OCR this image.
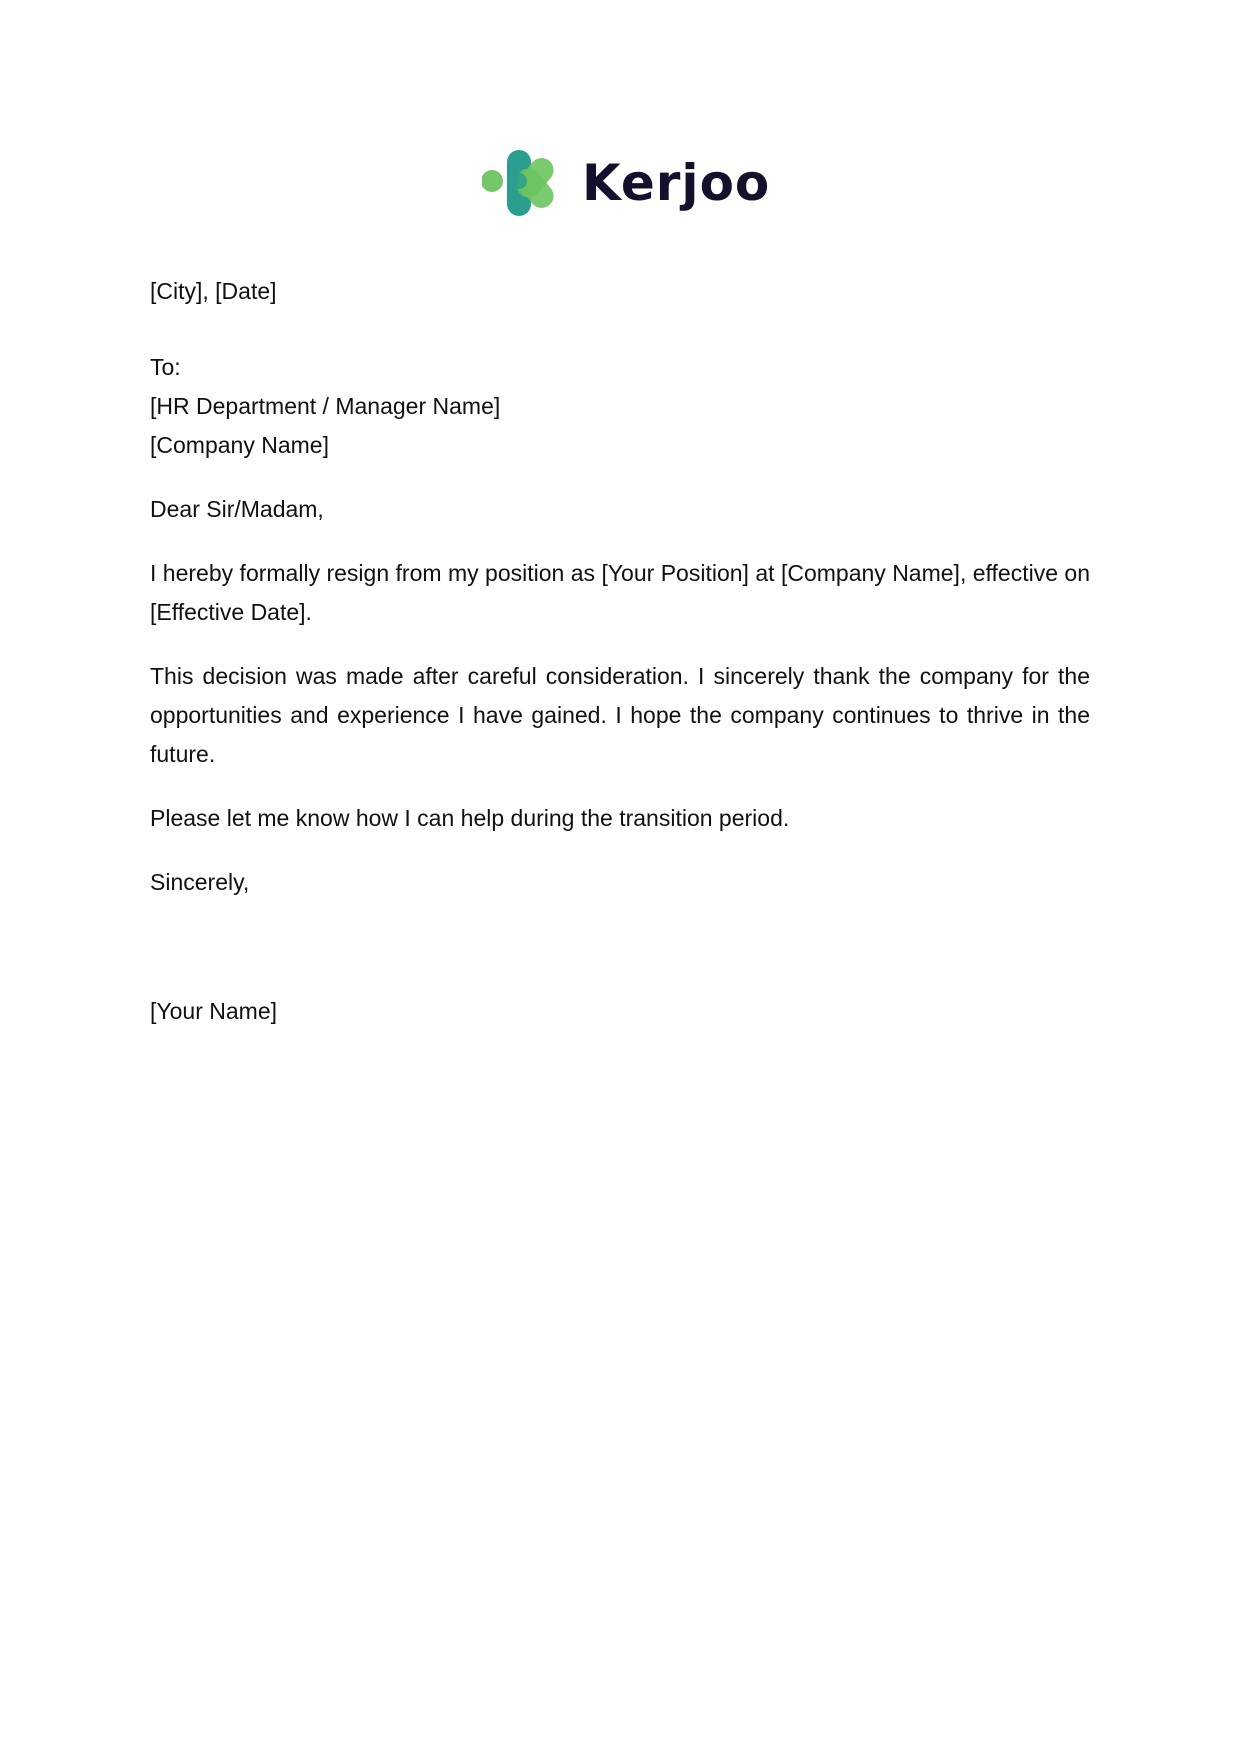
Kerjoo

[City], [Date]

To:

[HR Department / Manager Name]

[Company Name]

Dear Sir/Madam,

I hereby formally resign from my position as [Your Position] at [Company Name], effective on [Effective Date].

This decision was made after careful consideration. I sincerely thank the company for the opportunities and experience I have gained. I hope the company continues to thrive in the future.

Please let me know how I can help during the transition period.

Sincerely,

[Your Name]
